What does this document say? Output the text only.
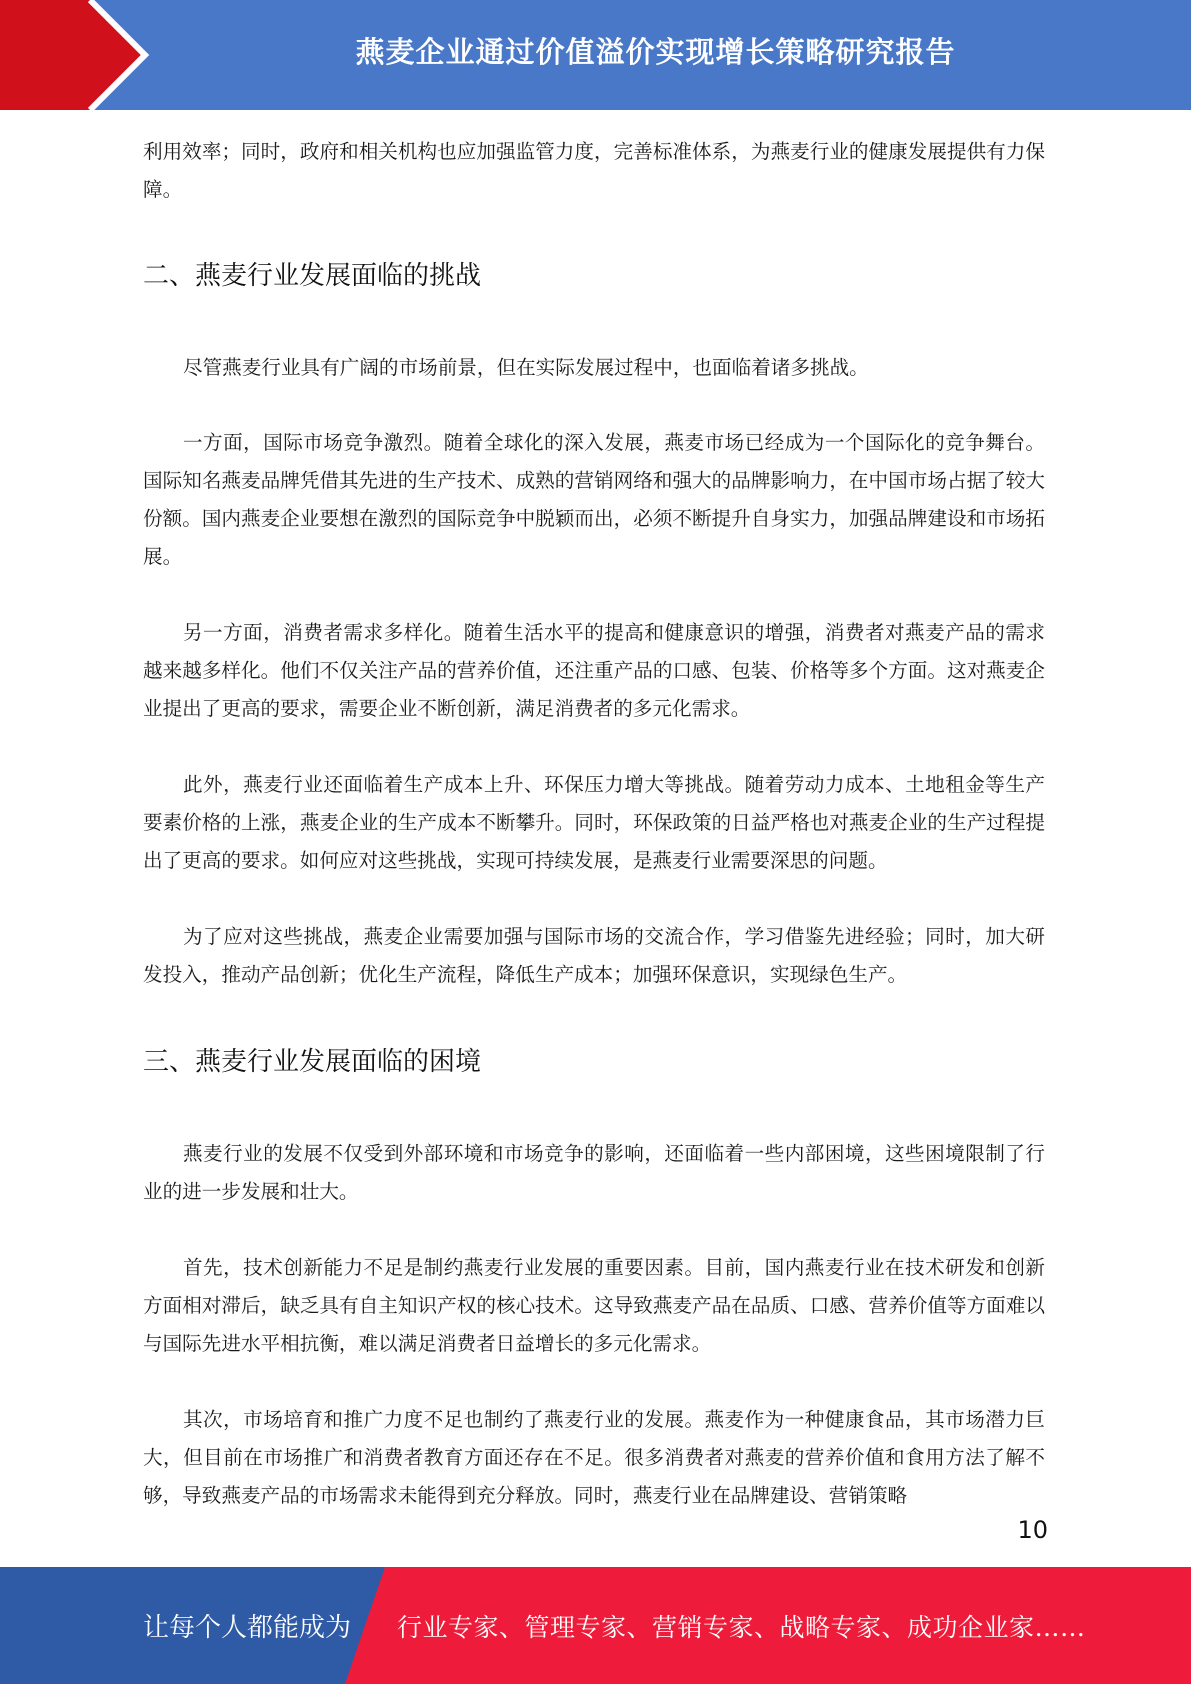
燕麦企业通过价值溢价实现增长策略研究报告

利用效率；同时，政府和相关机构也应加强监管力度，完善标准体系，为燕麦行业的健康发展提供有力保障。

二、燕麦行业发展面临的挑战

尽管燕麦行业具有广阔的市场前景，但在实际发展过程中，也面临着诸多挑战。

一方面，国际市场竞争激烈。随着全球化的深入发展，燕麦市场已经成为一个国际化的竞争舞台。国际知名燕麦品牌凭借其先进的生产技术、成熟的营销网络和强大的品牌影响力，在中国市场占据了较大份额。国内燕麦企业要想在激烈的国际竞争中脱颖而出，必须不断提升自身实力，加强品牌建设和市场拓展。

另一方面，消费者需求多样化。随着生活水平的提高和健康意识的增强，消费者对燕麦产品的需求越来越多样化。他们不仅关注产品的营养价值，还注重产品的口感、包装、价格等多个方面。这对燕麦企业提出了更高的要求，需要企业不断创新，满足消费者的多元化需求。

此外，燕麦行业还面临着生产成本上升、环保压力增大等挑战。随着劳动力成本、土地租金等生产要素价格的上涨，燕麦企业的生产成本不断攀升。同时，环保政策的日益严格也对燕麦企业的生产过程提出了更高的要求。如何应对这些挑战，实现可持续发展，是燕麦行业需要深思的问题。

为了应对这些挑战，燕麦企业需要加强与国际市场的交流合作，学习借鉴先进经验；同时，加大研发投入，推动产品创新；优化生产流程，降低生产成本；加强环保意识，实现绿色生产。

三、燕麦行业发展面临的困境

燕麦行业的发展不仅受到外部环境和市场竞争的影响，还面临着一些内部困境，这些困境限制了行业的进一步发展和壮大。

首先，技术创新能力不足是制约燕麦行业发展的重要因素。目前，国内燕麦行业在技术研发和创新方面相对滞后，缺乏具有自主知识产权的核心技术。这导致燕麦产品在品质、口感、营养价值等方面难以与国际先进水平相抗衡，难以满足消费者日益增长的多元化需求。

其次，市场培育和推广力度不足也制约了燕麦行业的发展。燕麦作为一种健康食品，其市场潜力巨大，但目前在市场推广和消费者教育方面还存在不足。很多消费者对燕麦的营养价值和食用方法了解不够，导致燕麦产品的市场需求未能得到充分释放。同时，燕麦行业在品牌建设、营销策略

10
让每个人都能成为 行业专家、管理专家、营销专家、战略专家、成功企业家……
